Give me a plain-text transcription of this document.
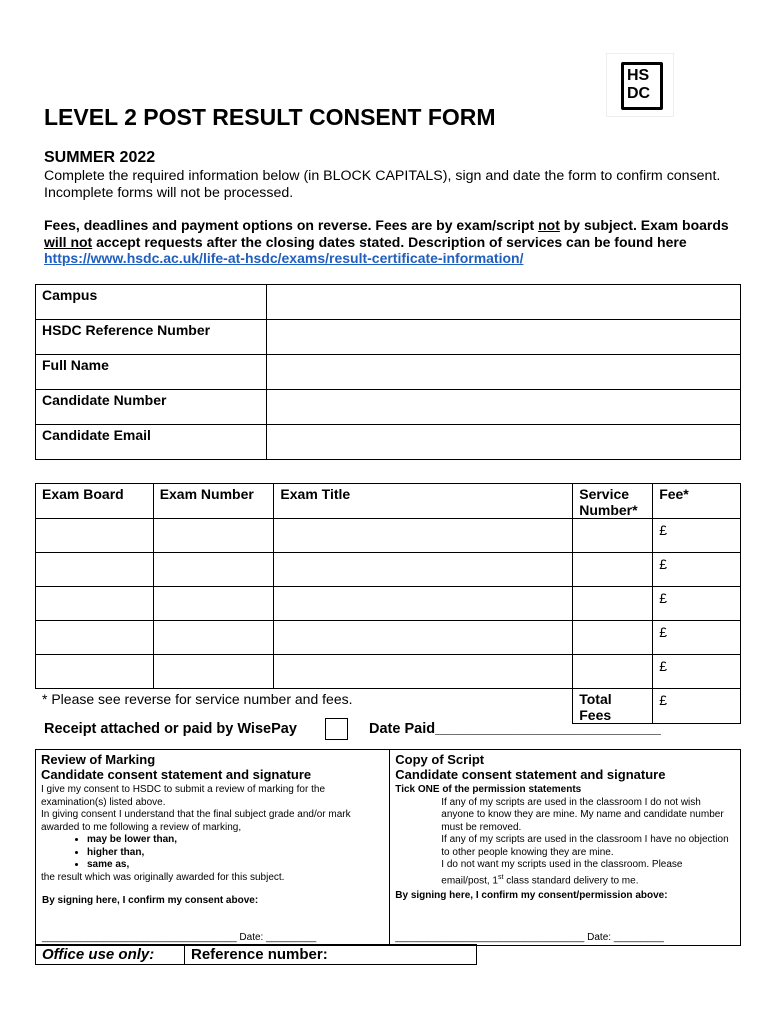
HS
DC
LEVEL 2 POST RESULT CONSENT FORM
SUMMER 2022
Complete the required information below (in BLOCK CAPITALS), sign and date the form to confirm consent. Incomplete forms will not be processed.
Fees, deadlines and payment options on reverse. Fees are by exam/script not by subject. Exam boards will not accept requests after the closing dates stated. Description of services can be found here https://www.hsdc.ac.uk/life-at-hsdc/exams/result-certificate-information/
Campus	
HSDC Reference Number	
Full Name	
Candidate Number	
Candidate Email	
Exam Board	Exam Number	Exam Title	Service Number*	Fee*
				£
				£
				£
				£
				£
			Total Fees	£
* Please see reverse for service number and fees.
Receipt attached or paid by WisePay	Date Paid____________________________
Review of Marking
Candidate consent statement and signature
I give my consent to HSDC to submit a review of marking for the examination(s) listed above.
In giving consent I understand that the final subject grade and/or mark awarded to me following a review of marking,
• may be lower than,
• higher than,
• same as,
the result which was originally awarded for this subject.
By signing here, I confirm my consent above:
___________________________________ Date: _________

Copy of Script
Candidate consent statement and signature
Tick ONE of the permission statements
If any of my scripts are used in the classroom I do not wish anyone to know they are mine. My name and candidate number must be removed.
If any of my scripts are used in the classroom I have no objection to other people knowing they are mine.
I do not want my scripts used in the classroom. Please email/post, 1st class standard delivery to me.
By signing here, I confirm my consent/permission above:
__________________________________ Date: _________
Office use only:	Reference number:
